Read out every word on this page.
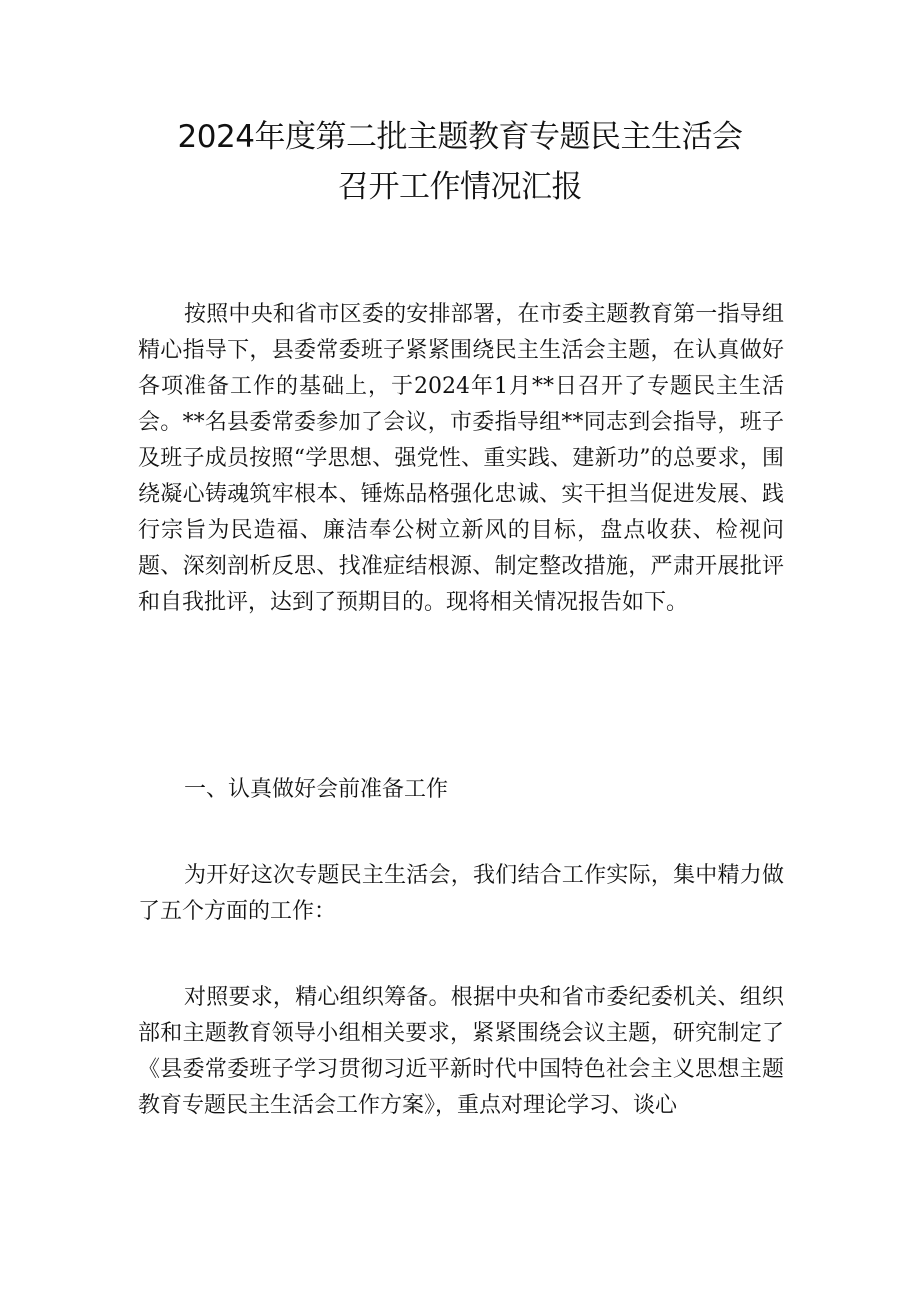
2024年度第二批主题教育专题民主生活会
召开工作情况汇报

按照中央和省市区委的安排部署，在市委主题教育第一指导组精心指导下，县委常委班子紧紧围绕民主生活会主题，在认真做好各项准备工作的基础上，于2024年1月**日召开了专题民主生活会。**名县委常委参加了会议，市委指导组**同志到会指导，班子及班子成员按照“学思想、强党性、重实践、建新功”的总要求，围绕凝心铸魂筑牢根本、锤炼品格强化忠诚、实干担当促进发展、践行宗旨为民造福、廉洁奉公树立新风的目标，盘点收获、检视问题、深刻剖析反思、找准症结根源、制定整改措施，严肃开展批评和自我批评，达到了预期目的。现将相关情况报告如下。

一、认真做好会前准备工作

为开好这次专题民主生活会，我们结合工作实际，集中精力做了五个方面的工作：

对照要求，精心组织筹备。根据中央和省市委纪委机关、组织部和主题教育领导小组相关要求，紧紧围绕会议主题，研究制定了《县委常委班子学习贯彻习近平新时代中国特色社会主义思想主题教育专题民主生活会工作方案》，重点对理论学习、谈心
